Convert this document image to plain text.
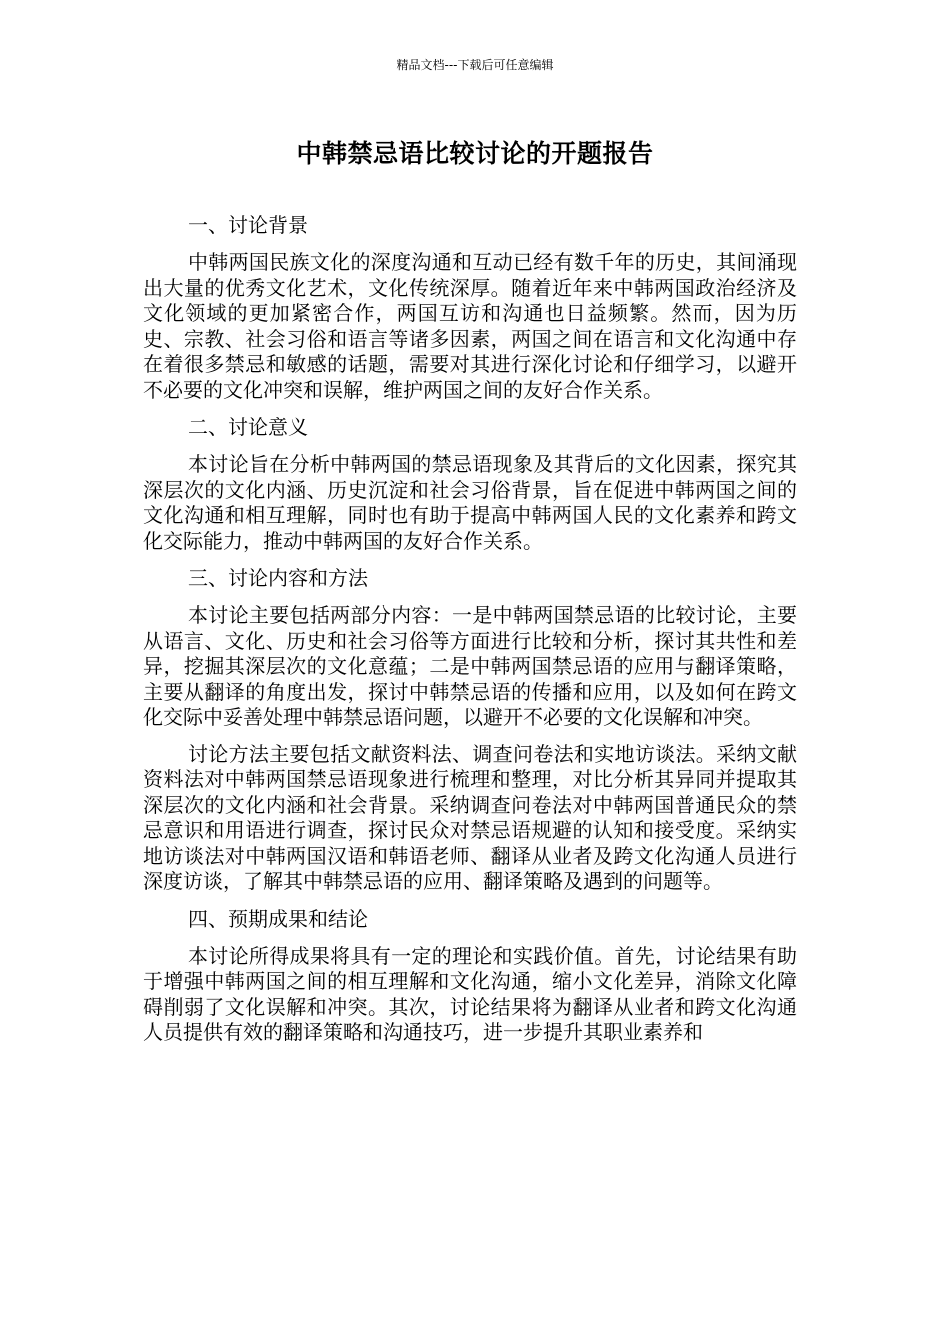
精品文档---下载后可任意编辑
中韩禁忌语比较讨论的开题报告
一、讨论背景

中韩两国民族文化的深度沟通和互动已经有数千年的历史，其间涌现出大量的优秀文化艺术，文化传统深厚。随着近年来中韩两国政治经济及文化领域的更加紧密合作，两国互访和沟通也日益频繁。然而，因为历史、宗教、社会习俗和语言等诸多因素，两国之间在语言和文化沟通中存在着很多禁忌和敏感的话题，需要对其进行深化讨论和仔细学习，以避开不必要的文化冲突和误解，维护两国之间的友好合作关系。

二、讨论意义

本讨论旨在分析中韩两国的禁忌语现象及其背后的文化因素，探究其深层次的文化内涵、历史沉淀和社会习俗背景，旨在促进中韩两国之间的文化沟通和相互理解，同时也有助于提高中韩两国人民的文化素养和跨文化交际能力，推动中韩两国的友好合作关系。

三、讨论内容和方法

本讨论主要包括两部分内容：一是中韩两国禁忌语的比较讨论，主要从语言、文化、历史和社会习俗等方面进行比较和分析，探讨其共性和差异，挖掘其深层次的文化意蕴；二是中韩两国禁忌语的应用与翻译策略，主要从翻译的角度出发，探讨中韩禁忌语的传播和应用，以及如何在跨文化交际中妥善处理中韩禁忌语问题，以避开不必要的文化误解和冲突。

讨论方法主要包括文献资料法、调查问卷法和实地访谈法。采纳文献资料法对中韩两国禁忌语现象进行梳理和整理，对比分析其异同并提取其深层次的文化内涵和社会背景。采纳调查问卷法对中韩两国普通民众的禁忌意识和用语进行调查，探讨民众对禁忌语规避的认知和接受度。采纳实地访谈法对中韩两国汉语和韩语老师、翻译从业者及跨文化沟通人员进行深度访谈，了解其中韩禁忌语的应用、翻译策略及遇到的问题等。

四、预期成果和结论

本讨论所得成果将具有一定的理论和实践价值。首先，讨论结果有助于增强中韩两国之间的相互理解和文化沟通，缩小文化差异，消除文化障碍削弱了文化误解和冲突。其次，讨论结果将为翻译从业者和跨文化沟通人员提供有效的翻译策略和沟通技巧，进一步提升其职业素养和
